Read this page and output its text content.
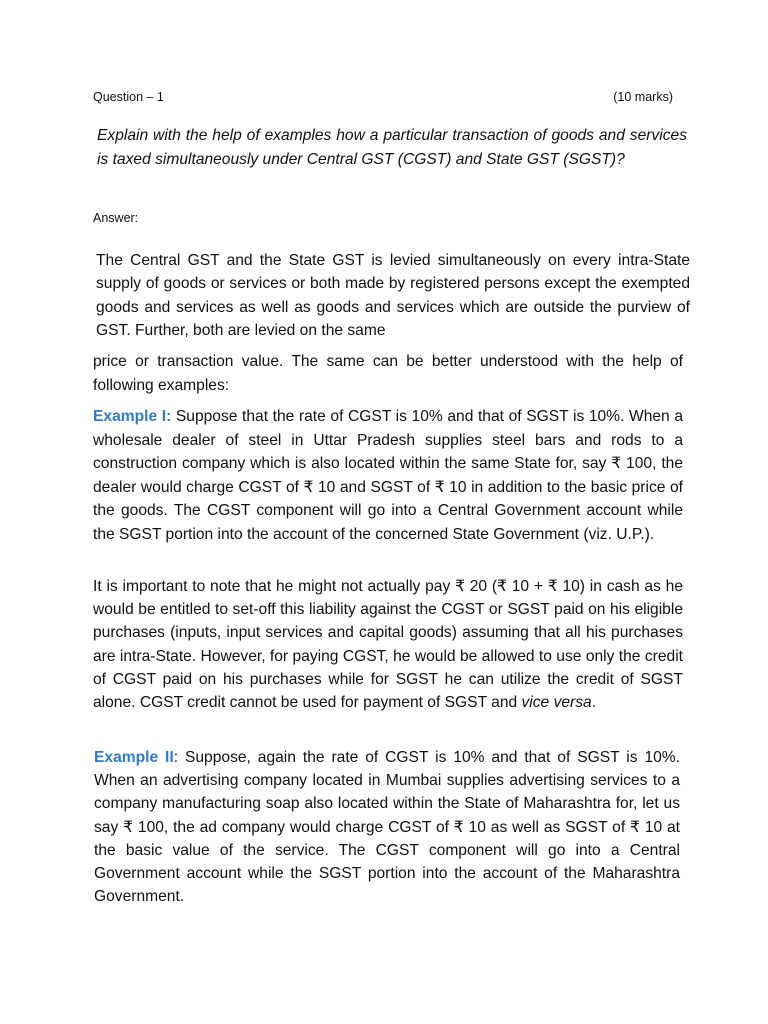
Question – 1	(10 marks)

Explain with the help of examples how a particular transaction of goods and services is taxed simultaneously under Central GST (CGST) and State GST (SGST)?

Answer:

The Central GST and the State GST is levied simultaneously on every intra-State supply of goods or services or both made by registered persons except the exempted goods and services as well as goods and services which are outside the purview of GST. Further, both are levied on the same

price or transaction value. The same can be better understood with the help of following examples:

Example I: Suppose that the rate of CGST is 10% and that of SGST is 10%. When a wholesale dealer of steel in Uttar Pradesh supplies steel bars and rods to a construction company which is also located within the same State for, say ₹ 100, the dealer would charge CGST of ₹ 10 and SGST of ₹ 10 in addition to the basic price of the goods. The CGST component will go into a Central Government account while the SGST portion into the account of the concerned State Government (viz. U.P.).

It is important to note that he might not actually pay ₹ 20 (₹ 10 + ₹ 10) in cash as he would be entitled to set-off this liability against the CGST or SGST paid on his eligible purchases (inputs, input services and capital goods) assuming that all his purchases are intra-State. However, for paying CGST, he would be allowed to use only the credit of CGST paid on his purchases while for SGST he can utilize the credit of SGST alone. CGST credit cannot be used for payment of SGST and vice versa.

Example II: Suppose, again the rate of CGST is 10% and that of SGST is 10%. When an advertising company located in Mumbai supplies advertising services to a company manufacturing soap also located within the State of Maharashtra for, let us say ₹ 100, the ad company would charge CGST of ₹ 10 as well as SGST of ₹ 10 at the basic value of the service. The CGST component will go into a Central Government account while the SGST portion into the account of the Maharashtra Government.
